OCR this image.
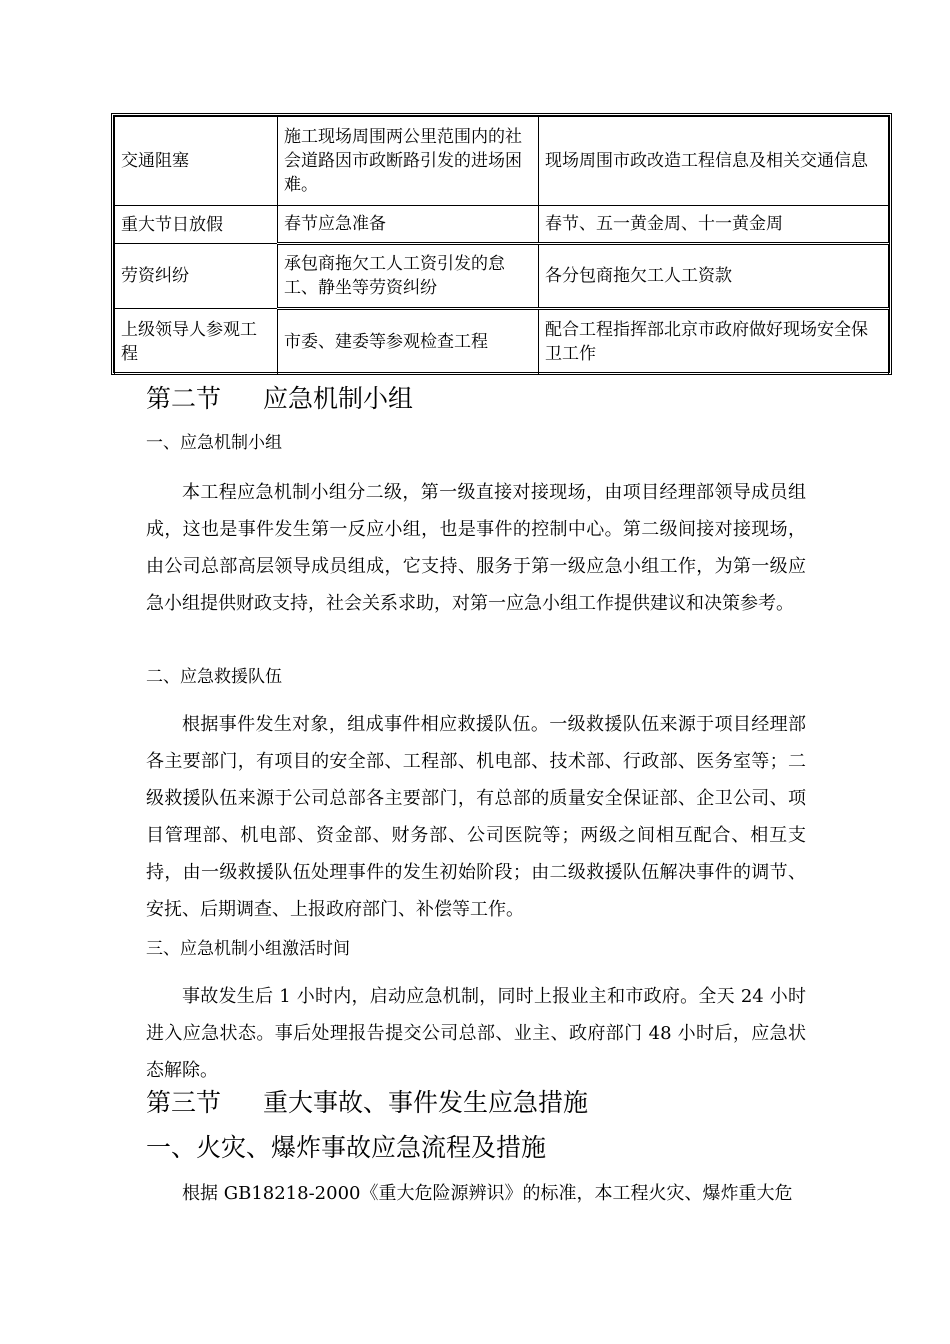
交通阻塞	施工现场周围两公里范围内的社会道路因市政断路引发的进场困难。	现场周围市政改造工程信息及相关交通信息
重大节日放假	春节应急准备	春节、五一黄金周、十一黄金周
劳资纠纷	承包商拖欠工人工资引发的怠工、静坐等劳资纠纷	各分包商拖欠工人工资款
上级领导人参观工程	市委、建委等参观检查工程	配合工程指挥部北京市政府做好现场安全保卫工作
第二节 应急机制小组
一、应急机制小组

本工程应急机制小组分二级，第一级直接对接现场，由项目经理部领导成员组成，这也是事件发生第一反应小组，也是事件的控制中心。第二级间接对接现场，由公司总部高层领导成员组成，它支持、服务于第一级应急小组工作，为第一级应急小组提供财政支持，社会关系求助，对第一应急小组工作提供建议和决策参考。

二、应急救援队伍

根据事件发生对象，组成事件相应救援队伍。一级救援队伍来源于项目经理部各主要部门，有项目的安全部、工程部、机电部、技术部、行政部、医务室等；二级救援队伍来源于公司总部各主要部门，有总部的质量安全保证部、企卫公司、项目管理部、机电部、资金部、财务部、公司医院等；两级之间相互配合、相互支持，由一级救援队伍处理事件的发生初始阶段；由二级救援队伍解决事件的调节、安抚、后期调查、上报政府部门、补偿等工作。

三、应急机制小组激活时间

事故发生后 1 小时内，启动应急机制，同时上报业主和市政府。全天 24 小时进入应急状态。事后处理报告提交公司总部、业主、政府部门 48 小时后，应急状态解除。

第三节 重大事故、事件发生应急措施
一、火灾、爆炸事故应急流程及措施

根据 GB18218-2000《重大危险源辨识》的标准，本工程火灾、爆炸重大危
